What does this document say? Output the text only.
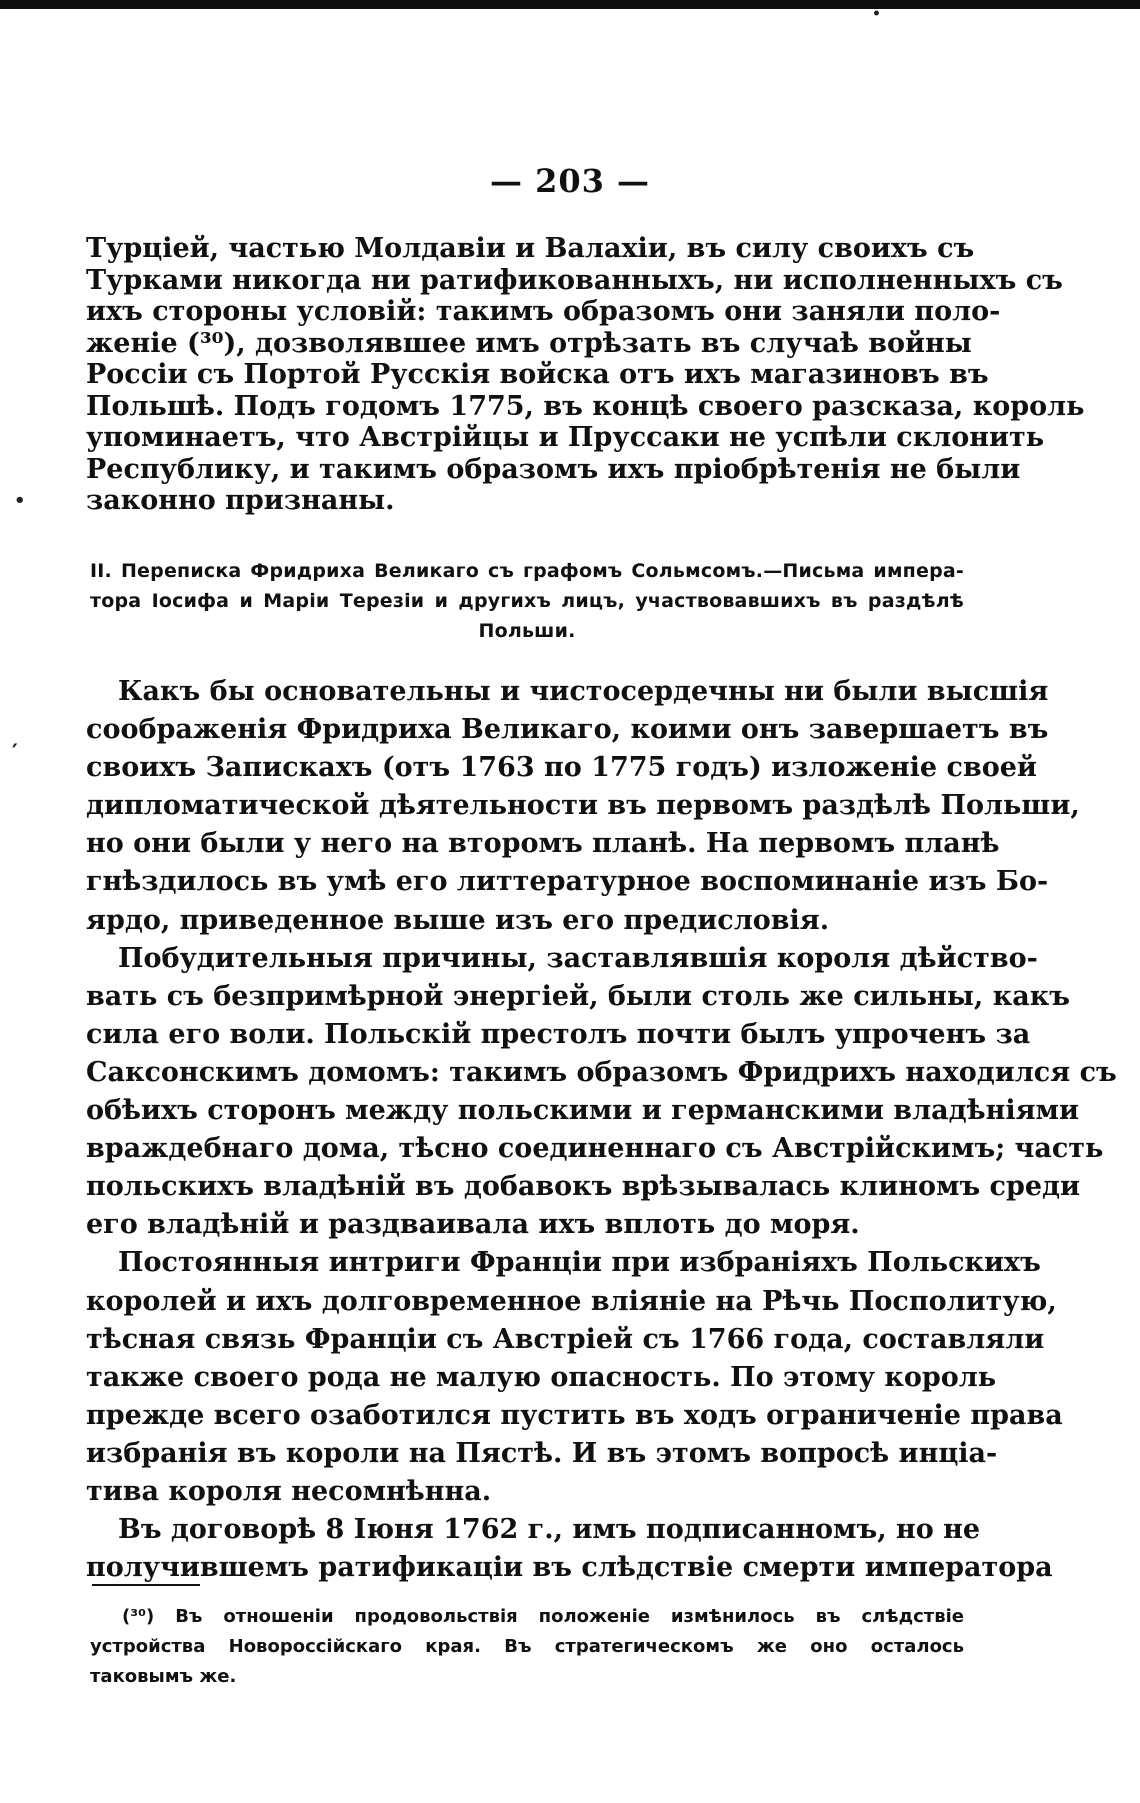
•
•
′
— 203 —
Турціей, частью Молдавіи и Валахіи, въ силу своихъ съ
Турками никогда ни ратификованныхъ, ни исполненныхъ съ
ихъ стороны условій: такимъ образомъ они заняли поло-
женіе (³⁰), дозволявшее имъ отрѣзать въ случаѣ войны
Россіи съ Портой Русскія войска отъ ихъ магазиновъ въ
Польшѣ. Подъ годомъ 1775, въ концѣ своего разсказа, король
упоминаетъ, что Австрійцы и Пруссаки не успѣли склонить
Республику, и такимъ образомъ ихъ пріобрѣтенія не были
законно признаны.
II. Переписка Фридриха Великаго съ графомъ Сольмсомъ.—Письма импера-
тора Іосифа и Маріи Терезіи и другихъ лицъ, участвовавшихъ въ раздѣлѣ
Польши.
Какъ бы основательны и чистосердечны ни были высшія
соображенія Фридриха Великаго, коими онъ завершаетъ въ
своихъ Запискахъ (отъ 1763 по 1775 годъ) изложеніе своей
дипломатической дѣятельности въ первомъ раздѣлѣ Польши,
но они были у него на второмъ планѣ. На первомъ планѣ
гнѣздилось въ умѣ его литтературное воспоминаніе изъ Бо-
ярдо, приведенное выше изъ его предисловія.
Побудительныя причины, заставлявшія короля дѣйство-
вать съ безпримѣрной энергіей, были столь же сильны, какъ
сила его воли. Польскій престолъ почти былъ упроченъ за
Саксонскимъ домомъ: такимъ образомъ Фридрихъ находился съ
обѣихъ сторонъ между польскими и германскими владѣніями
враждебнаго дома, тѣсно соединеннаго съ Австрійскимъ; часть
польскихъ владѣній въ добавокъ врѣзывалась клиномъ среди
его владѣній и раздваивала ихъ вплоть до моря.
Постоянныя интриги Франціи при избраніяхъ Польскихъ
королей и ихъ долговременное вліяніе на Рѣчь Посполитую,
тѣсная связь Франціи съ Австріей съ 1766 года, составляли
также своего рода не малую опасность. По этому король
прежде всего озаботился пустить въ ходъ ограниченіе права
избранія въ короли на Пястѣ. И въ этомъ вопросѣ инціа-
тива короля несомнѣнна.
Въ договорѣ 8 Іюня 1762 г., имъ подписанномъ, но не
получившемъ ратификаціи въ слѣдствіе смерти императора
(³⁰) Въ отношеніи продовольствія положеніе измѣнилось въ слѣдствіе
устройства Новороссійскаго края. Въ стратегическомъ же оно осталось
таковымъ же.
